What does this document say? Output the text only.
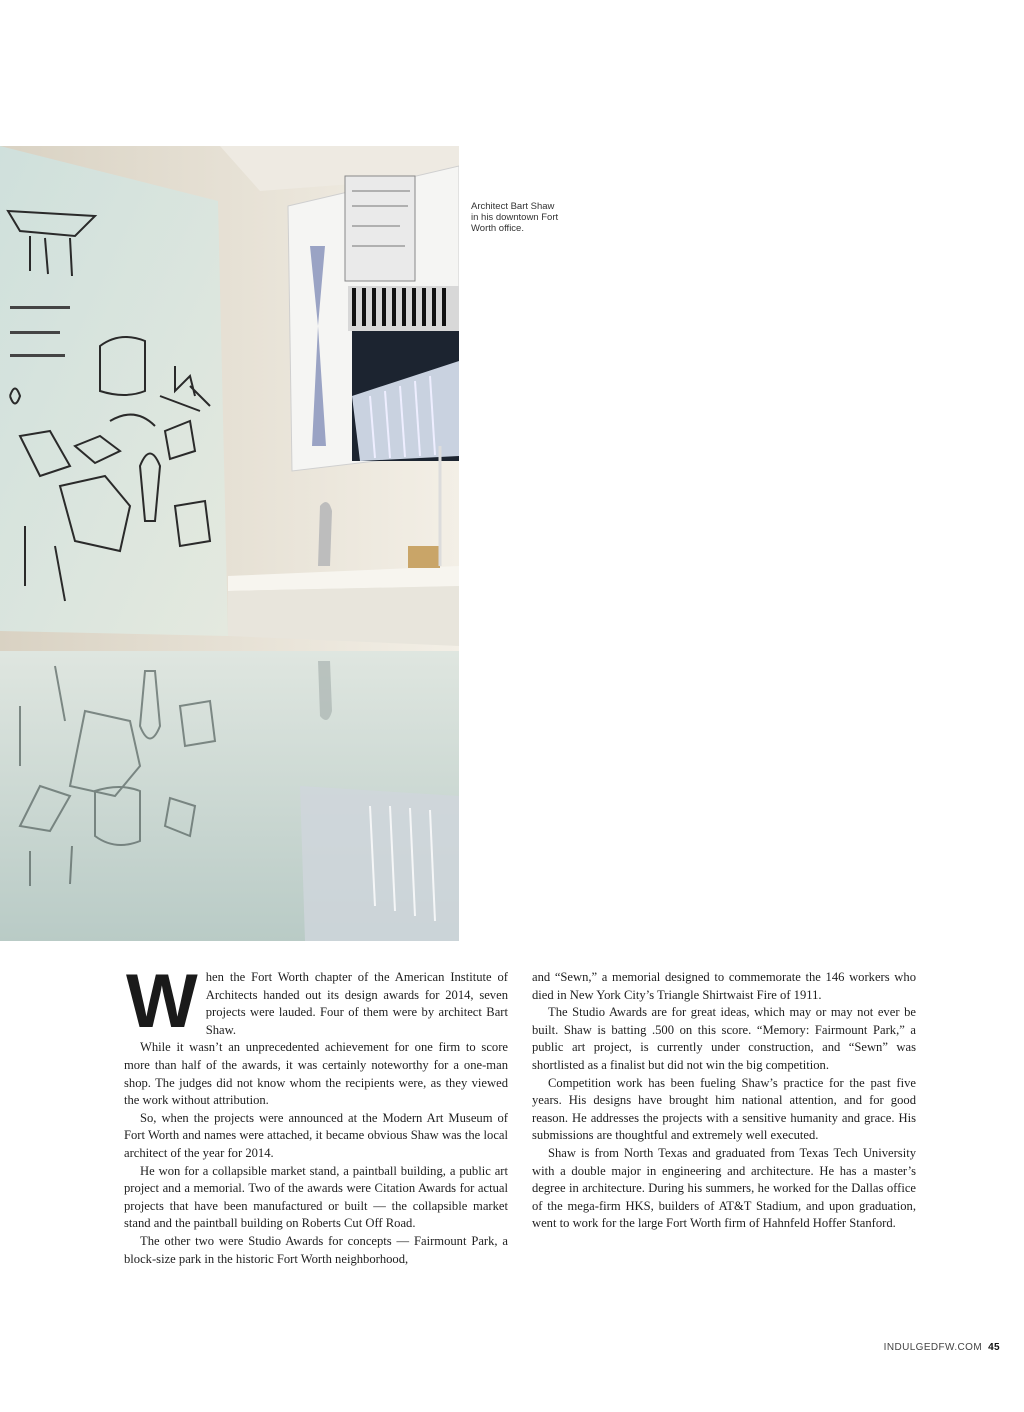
Architect Bart Shaw in his downtown Fort Worth office.

When the Fort Worth chapter of the American Institute of Architects handed out its design awards for 2014, seven projects were lauded. Four of them were by architect Bart Shaw.

While it wasn’t an unprecedented achievement for one firm to score more than half of the awards, it was certainly noteworthy for a one-man shop. The judges did not know whom the recipients were, as they viewed the work without attribution.

So, when the projects were announced at the Modern Art Museum of Fort Worth and names were attached, it became obvious Shaw was the local architect of the year for 2014.

He won for a collapsible market stand, a paintball building, a public art project and a memorial. Two of the awards were Citation Awards for actual projects that have been manufactured or built — the collapsible market stand and the paintball building on Roberts Cut Off Road.

The other two were Studio Awards for concepts — Fairmount Park, a block-size park in the historic Fort Worth neighborhood,

and “Sewn,” a memorial designed to commemorate the 146 workers who died in New York City’s Triangle Shirtwaist Fire of 1911.

The Studio Awards are for great ideas, which may or may not ever be built. Shaw is batting .500 on this score. “Memory: Fairmount Park,” a public art project, is currently under construction, and “Sewn” was shortlisted as a finalist but did not win the big competition.

Competition work has been fueling Shaw’s practice for the past five years. His designs have brought him national attention, and for good reason. He addresses the projects with a sensitive humanity and grace. His submissions are thoughtful and extremely well executed.

Shaw is from North Texas and graduated from Texas Tech University with a double major in engineering and architecture. He has a master’s degree in architecture. During his summers, he worked for the Dallas office of the mega-firm HKS, builders of AT&T Stadium, and upon graduation, went to work for the large Fort Worth firm of Hahnfeld Hoffer Stanford.

INDULGEDFW.COM 45
